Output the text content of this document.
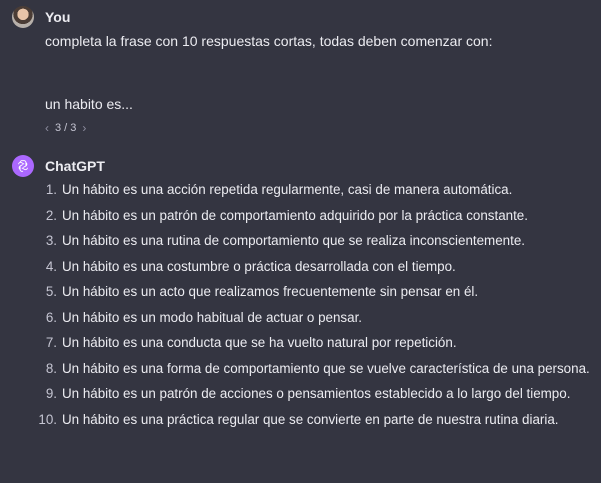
You
completa la frase con 10 respuestas cortas, todas deben comenzar con:
un habito es...
‹ 3 / 3 ›
ChatGPT
1. Un hábito es una acción repetida regularmente, casi de manera automática.
2. Un hábito es un patrón de comportamiento adquirido por la práctica constante.
3. Un hábito es una rutina de comportamiento que se realiza inconscientemente.
4. Un hábito es una costumbre o práctica desarrollada con el tiempo.
5. Un hábito es un acto que realizamos frecuentemente sin pensar en él.
6. Un hábito es un modo habitual de actuar o pensar.
7. Un hábito es una conducta que se ha vuelto natural por repetición.
8. Un hábito es una forma de comportamiento que se vuelve característica de una persona.
9. Un hábito es un patrón de acciones o pensamientos establecido a lo largo del tiempo.
10. Un hábito es una práctica regular que se convierte en parte de nuestra rutina diaria.
